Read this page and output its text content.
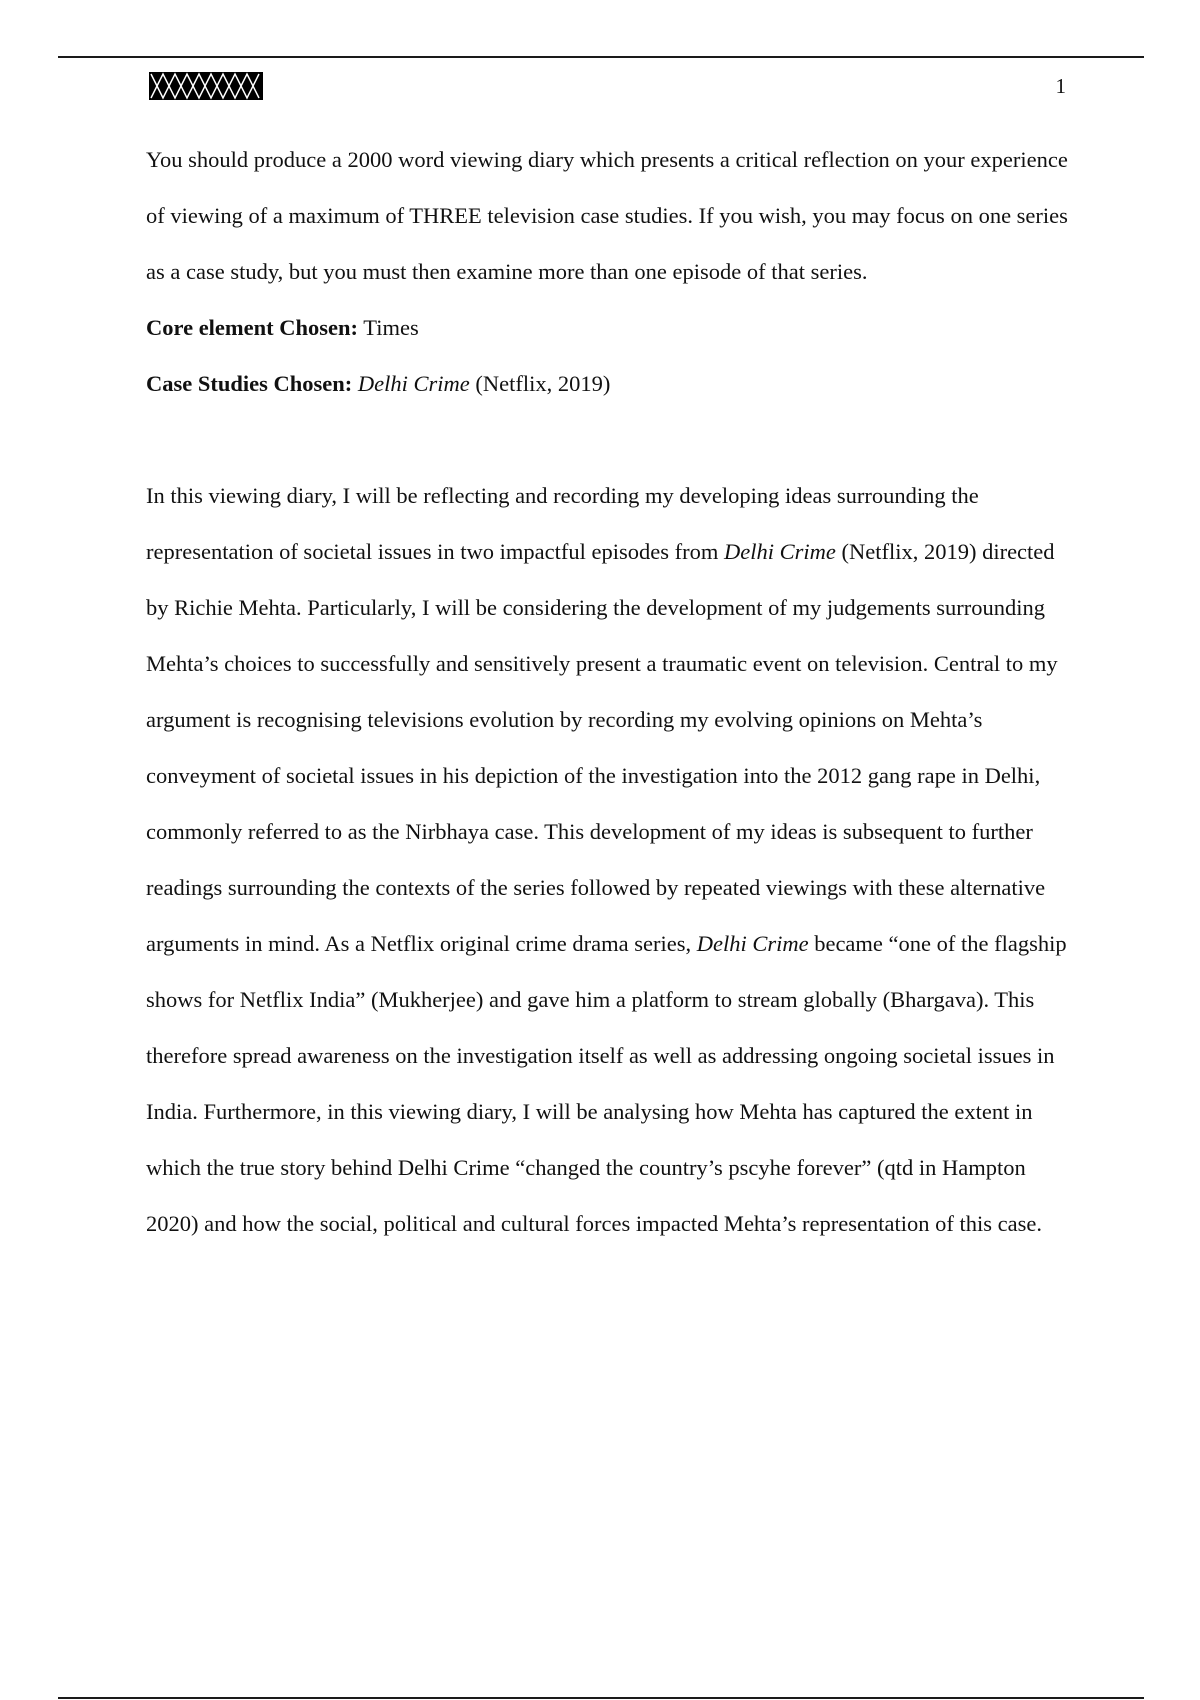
1

You should produce a 2000 word viewing diary which presents a critical reflection on your experience of viewing of a maximum of THREE television case studies. If you wish, you may focus on one series as a case study, but you must then examine more than one episode of that series.

Core element Chosen: Times

Case Studies Chosen: Delhi Crime (Netflix, 2019)

In this viewing diary, I will be reflecting and recording my developing ideas surrounding the representation of societal issues in two impactful episodes from Delhi Crime (Netflix, 2019) directed by Richie Mehta. Particularly, I will be considering the development of my judgements surrounding Mehta’s choices to successfully and sensitively present a traumatic event on television. Central to my argument is recognising televisions evolution by recording my evolving opinions on Mehta’s conveyment of societal issues in his depiction of the investigation into the 2012 gang rape in Delhi, commonly referred to as the Nirbhaya case. This development of my ideas is subsequent to further readings surrounding the contexts of the series followed by repeated viewings with these alternative arguments in mind. As a Netflix original crime drama series, Delhi Crime became “one of the flagship shows for Netflix India” (Mukherjee) and gave him a platform to stream globally (Bhargava). This therefore spread awareness on the investigation itself as well as addressing ongoing societal issues in India. Furthermore, in this viewing diary, I will be analysing how Mehta has captured the extent in which the true story behind Delhi Crime “changed the country’s pscyhe forever” (qtd in Hampton 2020) and how the social, political and cultural forces impacted Mehta’s representation of this case.
